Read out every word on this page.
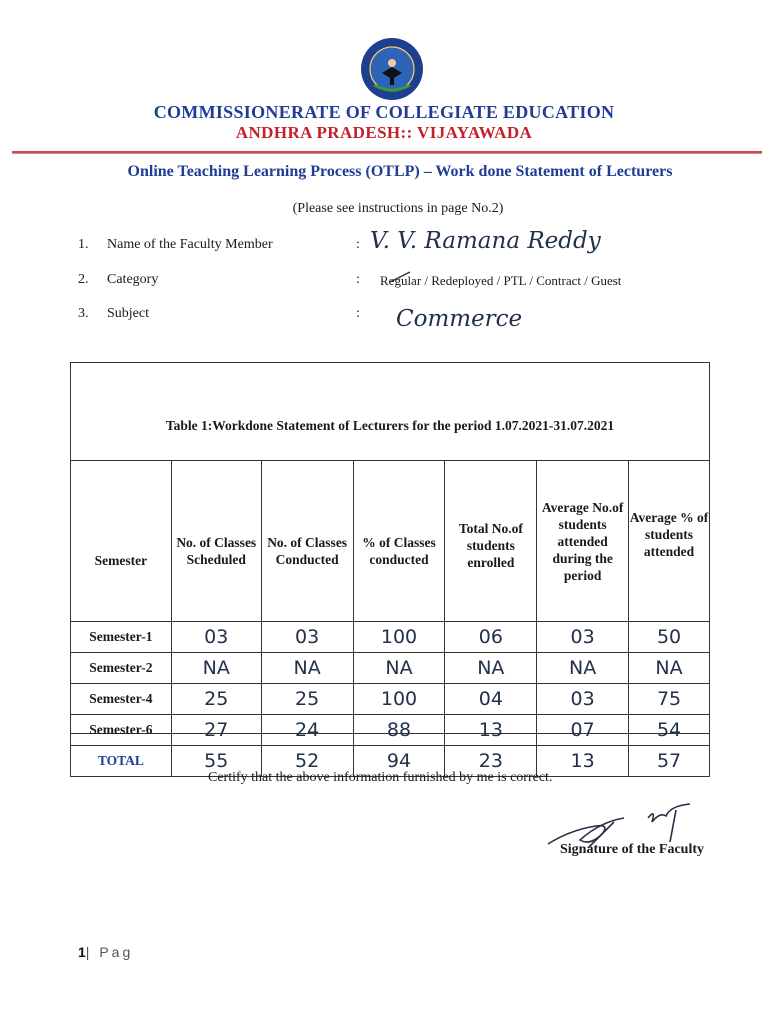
COMMISSIONERATE OF COLLEGIATE EDUCATION
ANDHRA PRADESH:: VIJAYAWADA
Online Teaching Learning Process (OTLP) – Work done Statement of Lecturers
(Please see instructions in page No.2)
1. Name of the Faculty Member	: V. V. Ramana Reddy
2. Category	: Regular / Redeployed / PTL / Contract / Guest
3. Subject	: Commerce
Table 1:Workdone Statement of Lecturers for the period 1.07.2021-31.07.2021
Semester	No. of Classes Scheduled	No. of Classes Conducted	% of Classes conducted	Total No.of students enrolled	Average No.of students attended during the period	Average % of students attended
Semester-1	03	03	100	06	03	50
Semester-2	NA	NA	NA	NA	NA	NA
Semester-4	25	25	100	04	03	75
Semester-6	27	24	88	13	07	54
TOTAL	55	52	94	23	13	57
Certify that the above information furnished by me is correct.
Signature of the Faculty
1| Pag
